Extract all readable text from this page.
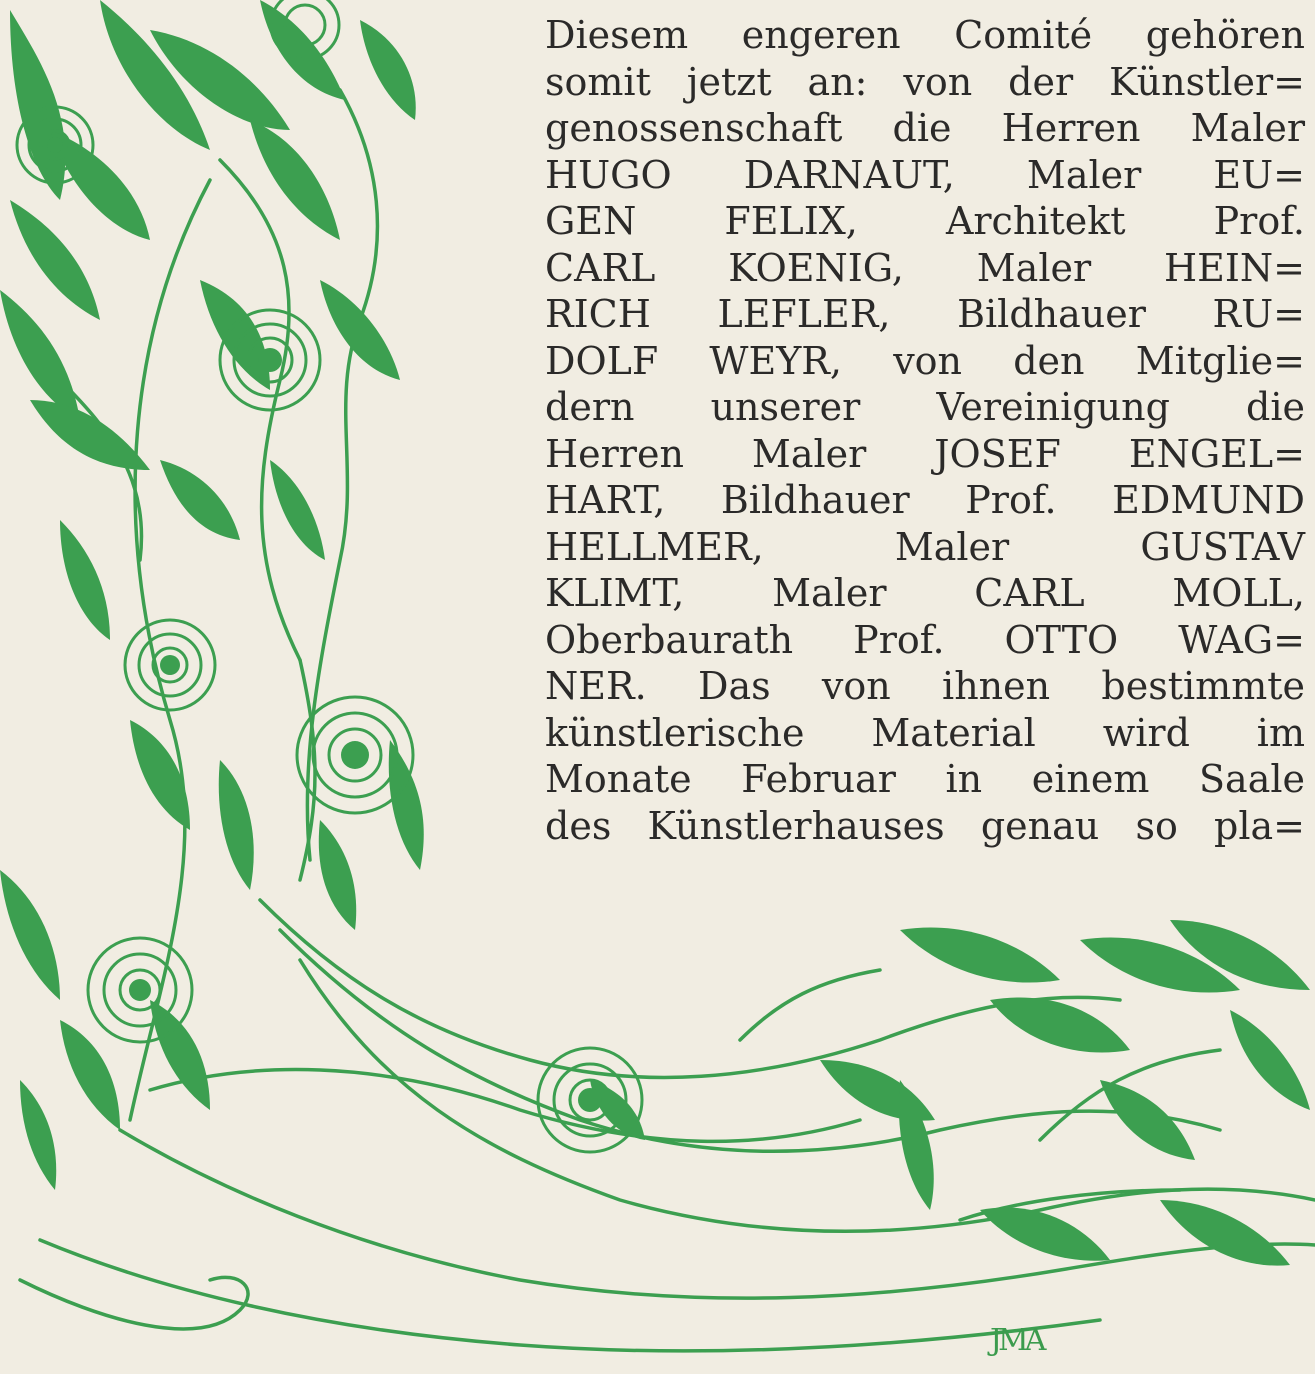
Diesem engeren Comité gehören
somit jetzt an: von der Künstler=
genossenschaft die Herren Maler
HUGO DARNAUT, Maler EU=
GEN FELIX, Architekt Prof.
CARL KOENIG, Maler HEIN=
RICH LEFLER, Bildhauer RU=
DOLF WEYR, von den Mitglie=
dern unserer Vereinigung die
Herren Maler JOSEF ENGEL=
HART, Bildhauer Prof. EDMUND
HELLMER, Maler GUSTAV
KLIMT, Maler CARL MOLL,
Oberbaurath Prof. OTTO WAG=
NER. Das von ihnen bestimmte
künstlerische Material wird im
Monate Februar in einem Saale
des Künstlerhauses genau so pla=
JMA
